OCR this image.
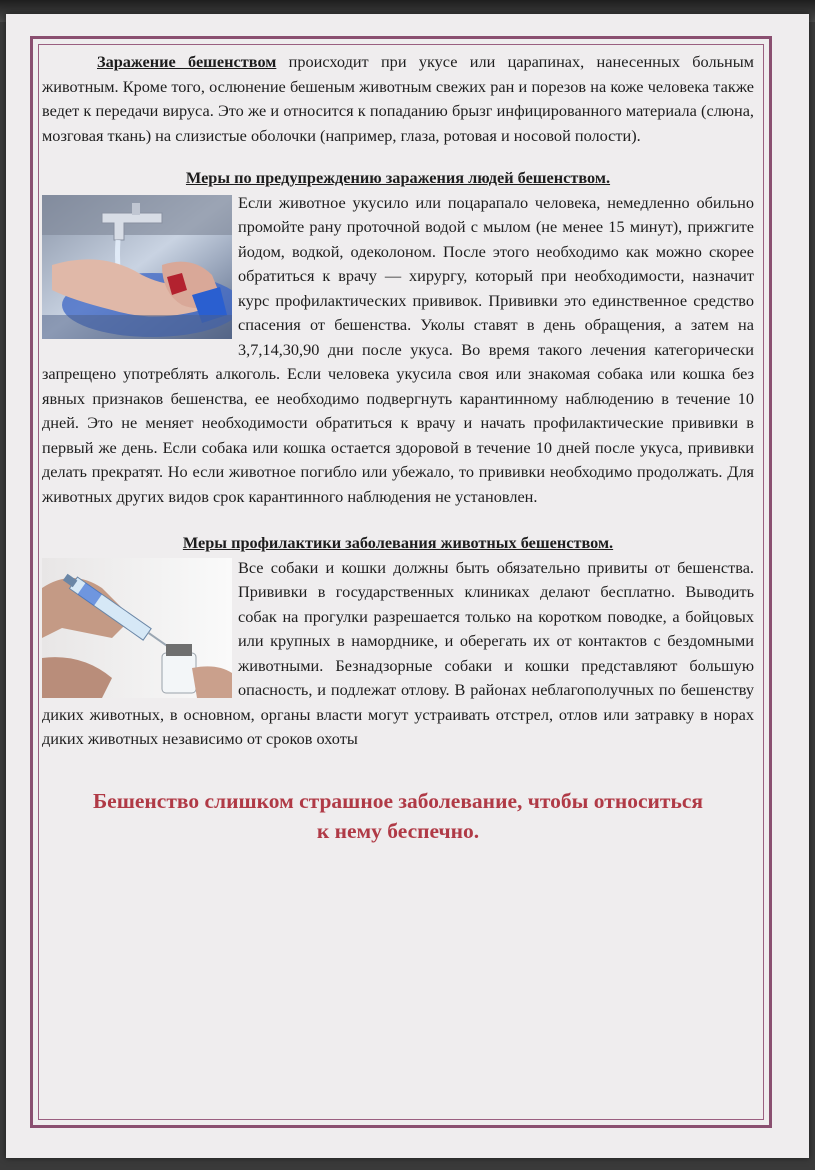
Заражение бешенством происходит при укусе или царапинах, нанесенных больным животным. Кроме того, ослюнение бешеным животным свежих ран и порезов на коже человека также ведет к передачи вируса. Это же и относится к попаданию брызг инфицированного материала (слюна, мозговая ткань) на слизистые оболочки (например, глаза, ротовая и носовой полости).

Меры по предупреждению заражения людей бешенством.

Если животное укусило или поцарапало человека, немедленно обильно промойте рану проточной водой с мылом (не менее 15 минут), прижгите йодом, водкой, одеколоном. После этого необходимо как можно скорее обратиться к врачу — хирургу, который при необходимости, назначит курс профилактических прививок. Прививки это единственное средство спасения от бешенства. Уколы ставят в день обращения, а затем на 3,7,14,30,90 дни после укуса. Во время такого лечения категорически запрещено употреблять алкоголь. Если человека укусила своя или знакомая собака или кошка без явных признаков бешенства, ее необходимо подвергнуть карантинному наблюдению в течение 10 дней. Это не меняет необходимости обратиться к врачу и начать профилактические прививки в первый же день. Если собака или кошка остается здоровой в течение 10 дней после укуса, прививки делать прекратят. Но если животное погибло или убежало, то прививки необходимо продолжать. Для животных других видов срок карантинного наблюдения не установлен.

Меры профилактики заболевания животных бешенством.

Все собаки и кошки должны быть обязательно привиты от бешенства. Прививки в государственных клиниках делают бесплатно. Выводить собак на прогулки разрешается только на коротком поводке, а бойцовых или крупных в наморднике, и оберегать их от контактов с бездомными животными. Безнадзорные собаки и кошки представляют большую опасность, и подлежат отлову. В районах неблагополучных по бешенству диких животных, в основном, органы власти могут устраивать отстрел, отлов или затравку в норах диких животных независимо от сроков охоты

Бешенство слишком страшное заболевание, чтобы относиться
к нему беспечно.
